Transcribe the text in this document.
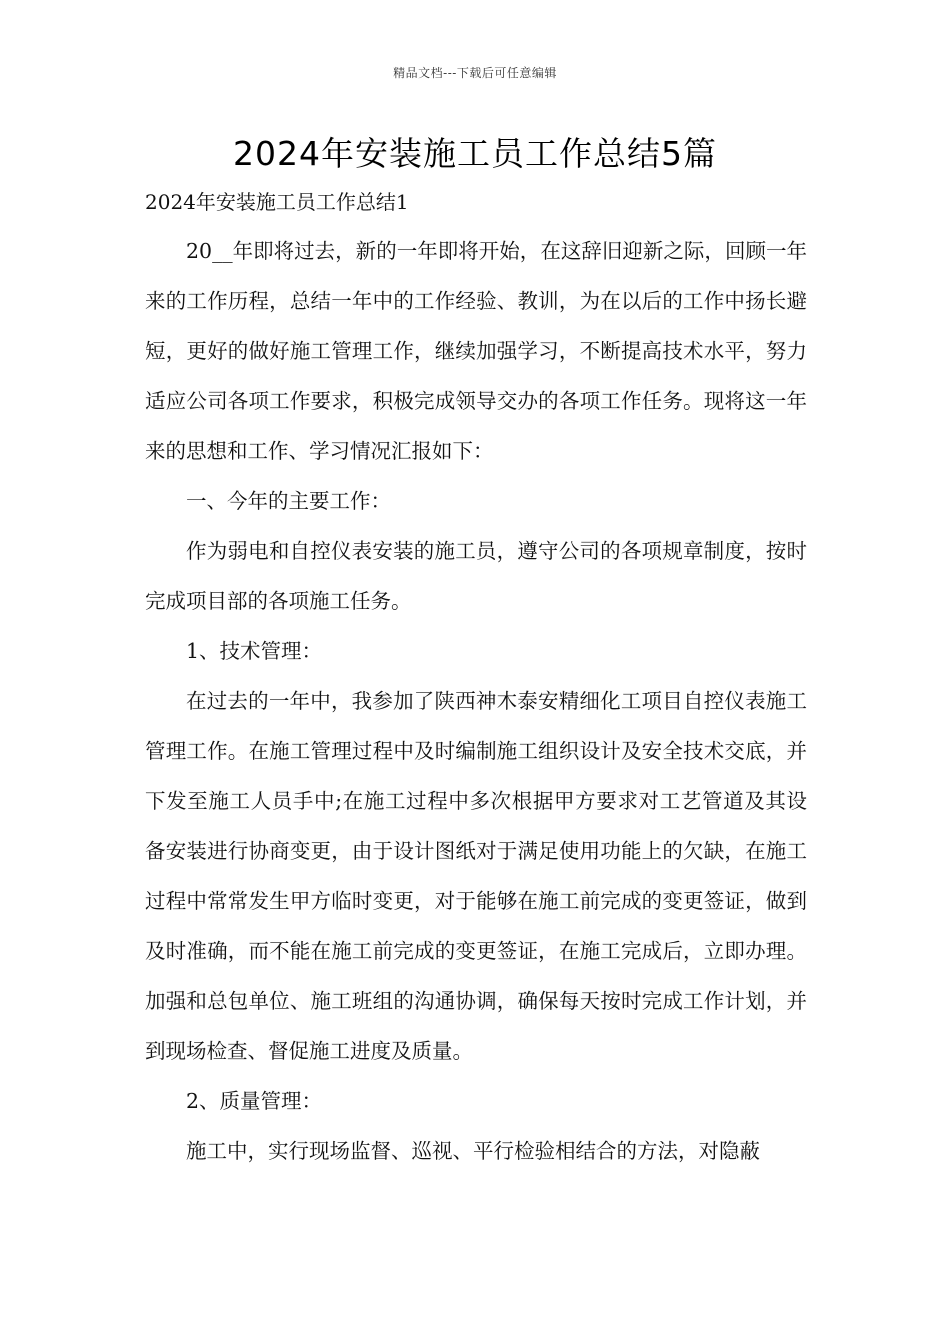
精品文档---下载后可任意编辑
2024年安装施工员工作总结5篇
2024年安装施工员工作总结1

20__年即将过去，新的一年即将开始，在这辞旧迎新之际，回顾一年来的工作历程，总结一年中的工作经验、教训，为在以后的工作中扬长避短，更好的做好施工管理工作，继续加强学习，不断提高技术水平，努力适应公司各项工作要求，积极完成领导交办的各项工作任务。现将这一年来的思想和工作、学习情况汇报如下：

一、今年的主要工作：

作为弱电和自控仪表安装的施工员，遵守公司的各项规章制度，按时完成项目部的各项施工任务。

1、技术管理：

在过去的一年中，我参加了陕西神木泰安精细化工项目自控仪表施工管理工作。在施工管理过程中及时编制施工组织设计及安全技术交底，并下发至施工人员手中;在施工过程中多次根据甲方要求对工艺管道及其设备安装进行协商变更，由于设计图纸对于满足使用功能上的欠缺，在施工过程中常常发生甲方临时变更，对于能够在施工前完成的变更签证，做到及时准确，而不能在施工前完成的变更签证，在施工完成后，立即办理。加强和总包单位、施工班组的沟通协调，确保每天按时完成工作计划，并到现场检查、督促施工进度及质量。

2、质量管理：

施工中，实行现场监督、巡视、平行检验相结合的方法，对隐蔽
